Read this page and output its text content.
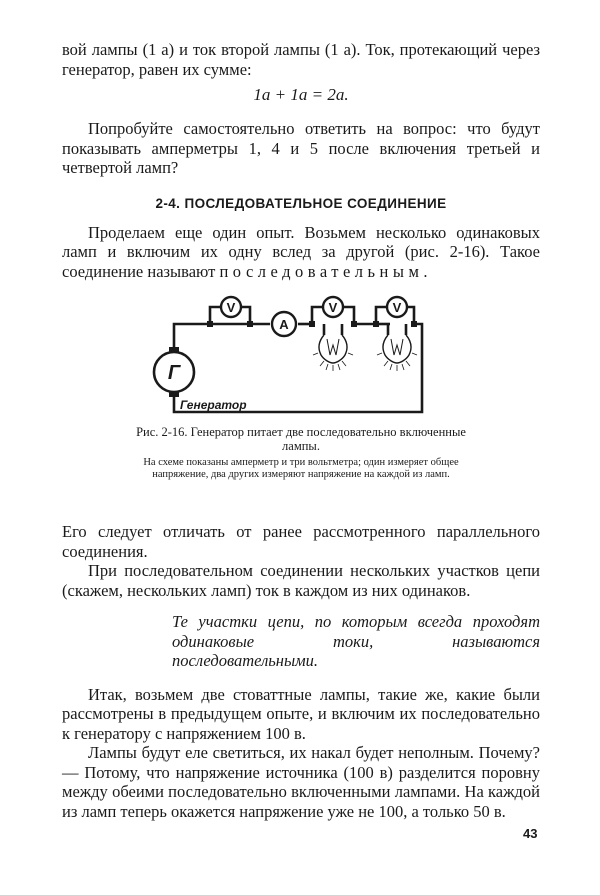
вой лампы (1 а) и ток второй лампы (1 а). Ток, протекающий через генератор, равен их сумме:

1а + 1а = 2а.

Попробуйте самостоятельно ответить на вопрос: что будут показывать амперметры 1, 4 и 5 после включения третьей и четвертой ламп?

2-4. ПОСЛЕДОВАТЕЛЬНОЕ СОЕДИНЕНИЕ

Проделаем еще один опыт. Возьмем несколько одинаковых ламп и включим их одну вслед за другой (рис. 2-16). Такое соединение называют последовательным.

Г
Генератор
V
A
V	V
Рис. 2-16. Генератор питает две последовательно включенные лампы.
На схеме показаны амперметр и три вольтметра; один измеряет общее напряжение, два других измеряют напряжение на каждой из ламп.

Его следует отличать от ранее рассмотренного параллельного соединения.

При последовательном соединении нескольких участков цепи (скажем, нескольких ламп) ток в каждом из них одинаков.

Те участки цепи, по которым всегда проходят одинаковые токи, называются последовательными.

Итак, возьмем две стоваттные лампы, такие же, какие были рассмотрены в предыдущем опыте, и включим их последовательно к генератору с напряжением 100 в.

Лампы будут еле светиться, их накал будет неполным. Почему? — Потому, что напряжение источника (100 в) разделится поровну между обеими последовательно включенными лампами. На каждой из ламп теперь окажется напряжение уже не 100, а только 50 в.

43
